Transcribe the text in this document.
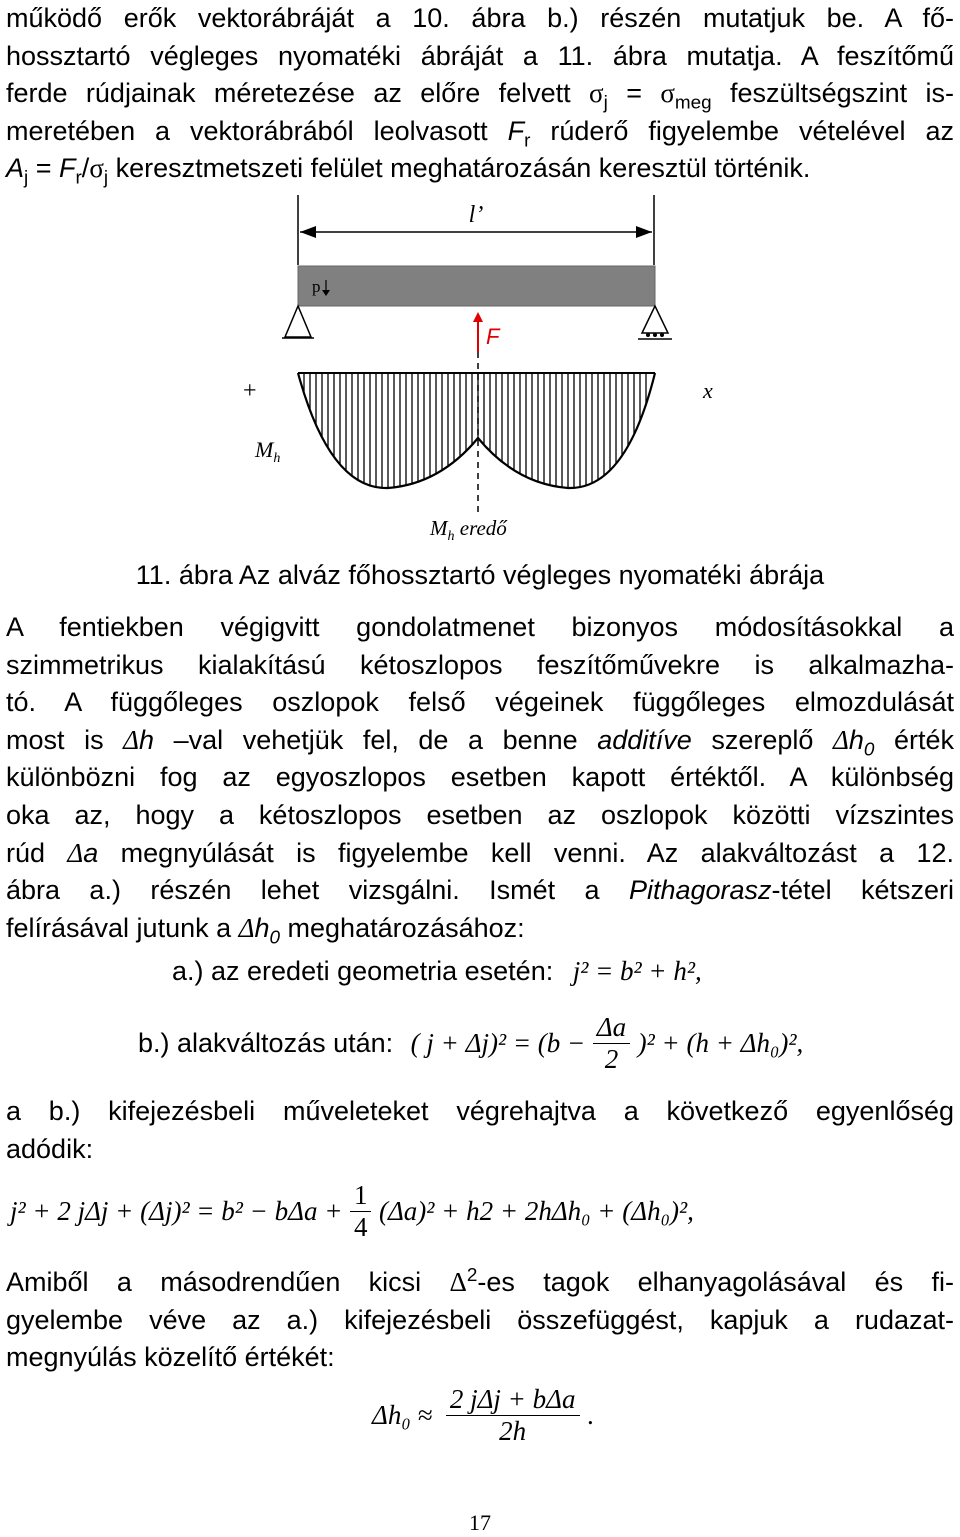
működő erők vektorábráját a 10. ábra b.) részén mutatjuk be. A fő-
hossztartó végleges nyomatéki ábráját a 11. ábra mutatja. A feszítőmű
ferde rúdjainak méretezése az előre felvett $\sigma_j = \sigma_{meg}$ feszültségszint is-
meretében a vektorábrából leolvasott $F_r$ rúderő figyelembe vételével az
$A_j = F_r/\sigma_j$ keresztmetszeti felület meghatározásán keresztül történik.
l’
p
F
+	x
$M_h$
$M_h$ eredő
11. ábra Az alváz főhossztartó végleges nyomatéki ábrája
A fentiekben végigvitt gondolatmenet bizonyos módosításokkal a
szimmetrikus kialakítású kétoszlopos feszítőművekre is alkalmazha-
tó. A függőleges oszlopok felső végeinek függőleges elmozdulását
most is Δh –val vehetjük fel, de a benne additíve szereplő $\Delta h_0$ érték
különbözni fog az egyoszlopos esetben kapott értéktől. A különbség
oka az, hogy a kétoszlopos esetben az oszlopok közötti vízszintes
rúd Δa megnyúlását is figyelembe kell venni. Az alakváltozást a 12.
ábra a.) részén lehet vizsgálni. Ismét a Pithagorasz-tétel kétszeri
felírásával jutunk a $\Delta h_0$ meghatározásához:
a.) az eredeti geometria esetén: j² = b² + h²,
b.) alakváltozás után: ( $j + \Delta j)^2 = (b - \frac{\Delta a}{2} )^2 + (h + \Delta h_0)^2$,
a b.) kifejezésbeli műveleteket végrehajtva a következő egyenlőség
adódik:
j² + 2 $j\Delta j + (\Delta j)^2 = b^2 - b\Delta a + \frac{1}{4} (\Delta a)^2 + h2 + 2h\Delta h_0 + (\Delta h_0)^2$,
Amiből a másodrendűen kicsi $\Delta^2-es$ tagok elhanyagolásával és fi-
gyelembe véve az a.) kifejezésbeli összefüggést, kapjuk a rudazat-
megnyúlás közelítő értékét:
$\Delta h_0 \approx \frac{\text{2 jΔj + bΔa}}{2h}$ .
17
